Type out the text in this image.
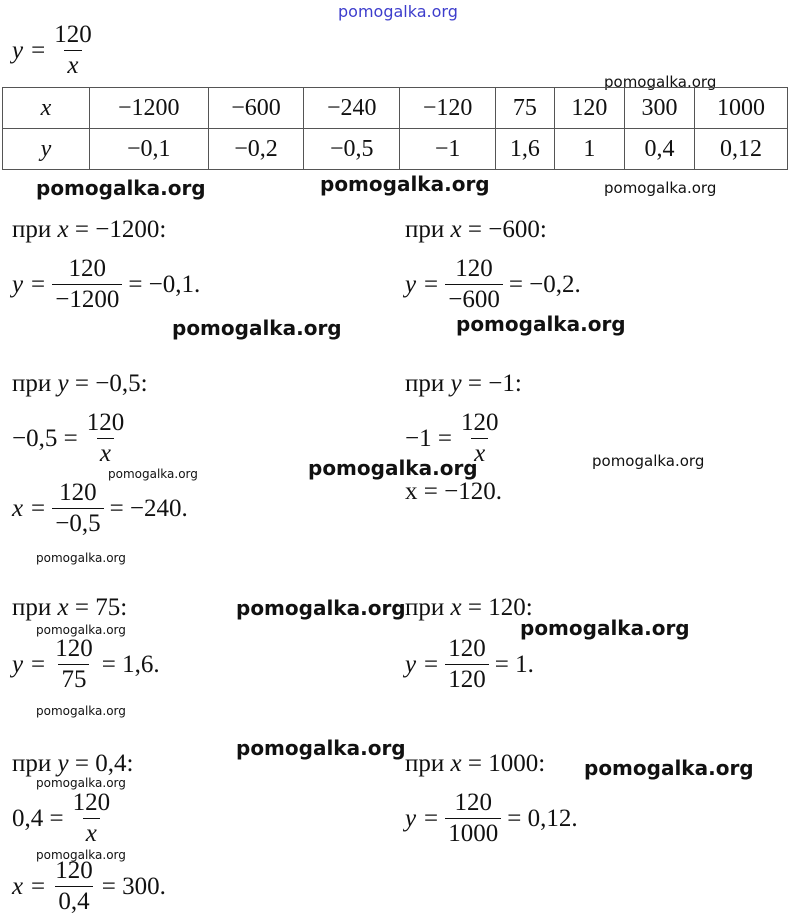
pomogalka.org
$y = \frac{120}{x}$
pomogalka.org
x	−1200	−600	−240	−120	75	120	300	1000
y	−0,1	−0,2	−0,5	−1	1,6	1	0,4	0,12
pomogalka.org	pomogalka.org	pomogalka.org
при x = −1200:
$y = \frac{120}{-1200} = -0,1$.
при x = −600:
$y = \frac{120}{-600} = -0,2$.
pomogalka.org	pomogalka.org
при y = −0,5:
$-0,5 = \frac{120}{x}$
$x = \frac{120}{-0,5} = -240$.
при y = −1:
$-1 = \frac{120}{x}$
x = −120.
pomogalka.org	pomogalka.org	pomogalka.org
pomogalka.org
при x = 75:
$y = \frac{120}{75} = 1,6$.
при x = 120:
$y = \frac{120}{120} = 1$.
pomogalka.org
pomogalka.org
pomogalka.org
pomogalka.org
при y = 0,4:
$0,4 = \frac{120}{x}$
$x = \frac{120}{0,4} = 300$.
при x = 1000:
$y = \frac{120}{1000} = 0,12$.
pomogalka.org
pomogalka.org
pomogalka.org
pomogalka.org
